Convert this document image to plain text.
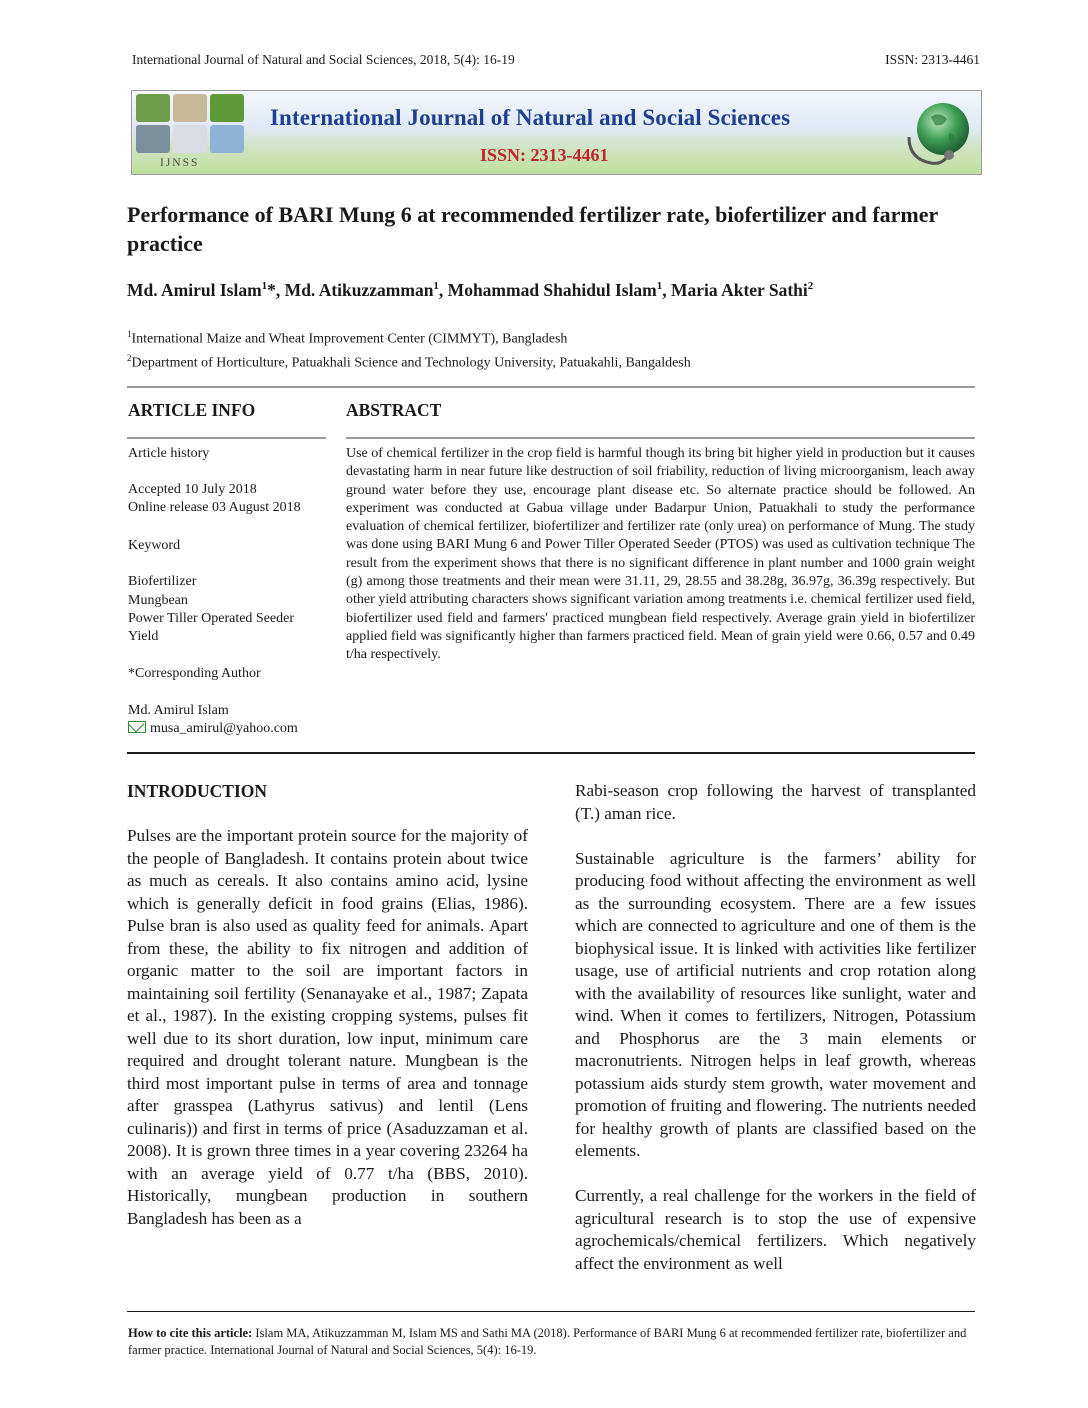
International Journal of Natural and Social Sciences, 2018, 5(4): 16-19	ISSN: 2313-4461
IJNSS
International Journal of Natural and Social Sciences
ISSN: 2313-4461
Performance of BARI Mung 6 at recommended fertilizer rate, biofertilizer and farmer practice
Md. Amirul Islam$^1$*, Md. Atikuzzamman$^1$, Mohammad Shahidul Islam$^1$, Maria Akter Sathi$^2$
$^1$International Maize and Wheat Improvement Center (CIMMYT), Bangladesh
$^2$Department of Horticulture, Patuakhali Science and Technology University, Patuakahli, Bangaldesh
ARTICLE INFO	ABSTRACT
Article history
Accepted 10 July 2018
Online release 03 August 2018
Keyword
Biofertilizer
Mungbean
Power Tiller Operated Seeder
Yield
*Corresponding Author
Md. Amirul Islam
musa_amirul@yahoo.com
Use of chemical fertilizer in the crop field is harmful though its bring bit higher yield in production but it causes devastating harm in near future like destruction of soil friability, reduction of living microorganism, leach away ground water before they use, encourage plant disease etc. So alternate practice should be followed. An experiment was conducted at Gabua village under Badarpur Union, Patuakhali to study the performance evaluation of chemical fertilizer, biofertilizer and fertilizer rate (only urea) on performance of Mung. The study was done using BARI Mung 6 and Power Tiller Operated Seeder (PTOS) was used as cultivation technique The result from the experiment shows that there is no significant difference in plant number and 1000 grain weight (g) among those treatments and their mean were 31.11, 29, 28.55 and 38.28g, 36.97g, 36.39g respectively. But other yield attributing characters shows significant variation among treatments i.e. chemical fertilizer used field, biofertilizer used field and farmers' practiced mungbean field respectively. Average grain yield in biofertilizer applied field was significantly higher than farmers practiced field. Mean of grain yield were 0.66, 0.57 and 0.49 t/ha respectively.
INTRODUCTION

Pulses are the important protein source for the majority of the people of Bangladesh. It contains protein about twice as much as cereals. It also contains amino acid, lysine which is generally deficit in food grains (Elias, 1986). Pulse bran is also used as quality feed for animals. Apart from these, the ability to fix nitrogen and addition of organic matter to the soil are important factors in maintaining soil fertility (Senanayake et al., 1987; Zapata et al., 1987). In the existing cropping systems, pulses fit well due to its short duration, low input, minimum care required and drought tolerant nature. Mungbean is the third most important pulse in terms of area and tonnage after grasspea (Lathyrus sativus) and lentil (Lens culinaris)) and first in terms of price (Asaduzzaman et al. 2008). It is grown three times in a year covering 23264 ha with an average yield of 0.77 t/ha (BBS, 2010). Historically, mungbean production in southern Bangladesh has been as a

Rabi-season crop following the harvest of transplanted (T.) aman rice.

Sustainable agriculture is the farmers’ ability for producing food without affecting the environment as well as the surrounding ecosystem. There are a few issues which are connected to agriculture and one of them is the biophysical issue. It is linked with activities like fertilizer usage, use of artificial nutrients and crop rotation along with the availability of resources like sunlight, water and wind. When it comes to fertilizers, Nitrogen, Potassium and Phosphorus are the 3 main elements or macronutrients. Nitrogen helps in leaf growth, whereas potassium aids sturdy stem growth, water movement and promotion of fruiting and flowering. The nutrients needed for healthy growth of plants are classified based on the elements.

Currently, a real challenge for the workers in the field of agricultural research is to stop the use of expensive agrochemicals/chemical fertilizers. Which negatively affect the environment as well

How to cite this article: Islam MA, Atikuzzamman M, Islam MS and Sathi MA (2018). Performance of BARI Mung 6 at recommended fertilizer rate, biofertilizer and farmer practice. International Journal of Natural and Social Sciences, 5(4): 16-19.
